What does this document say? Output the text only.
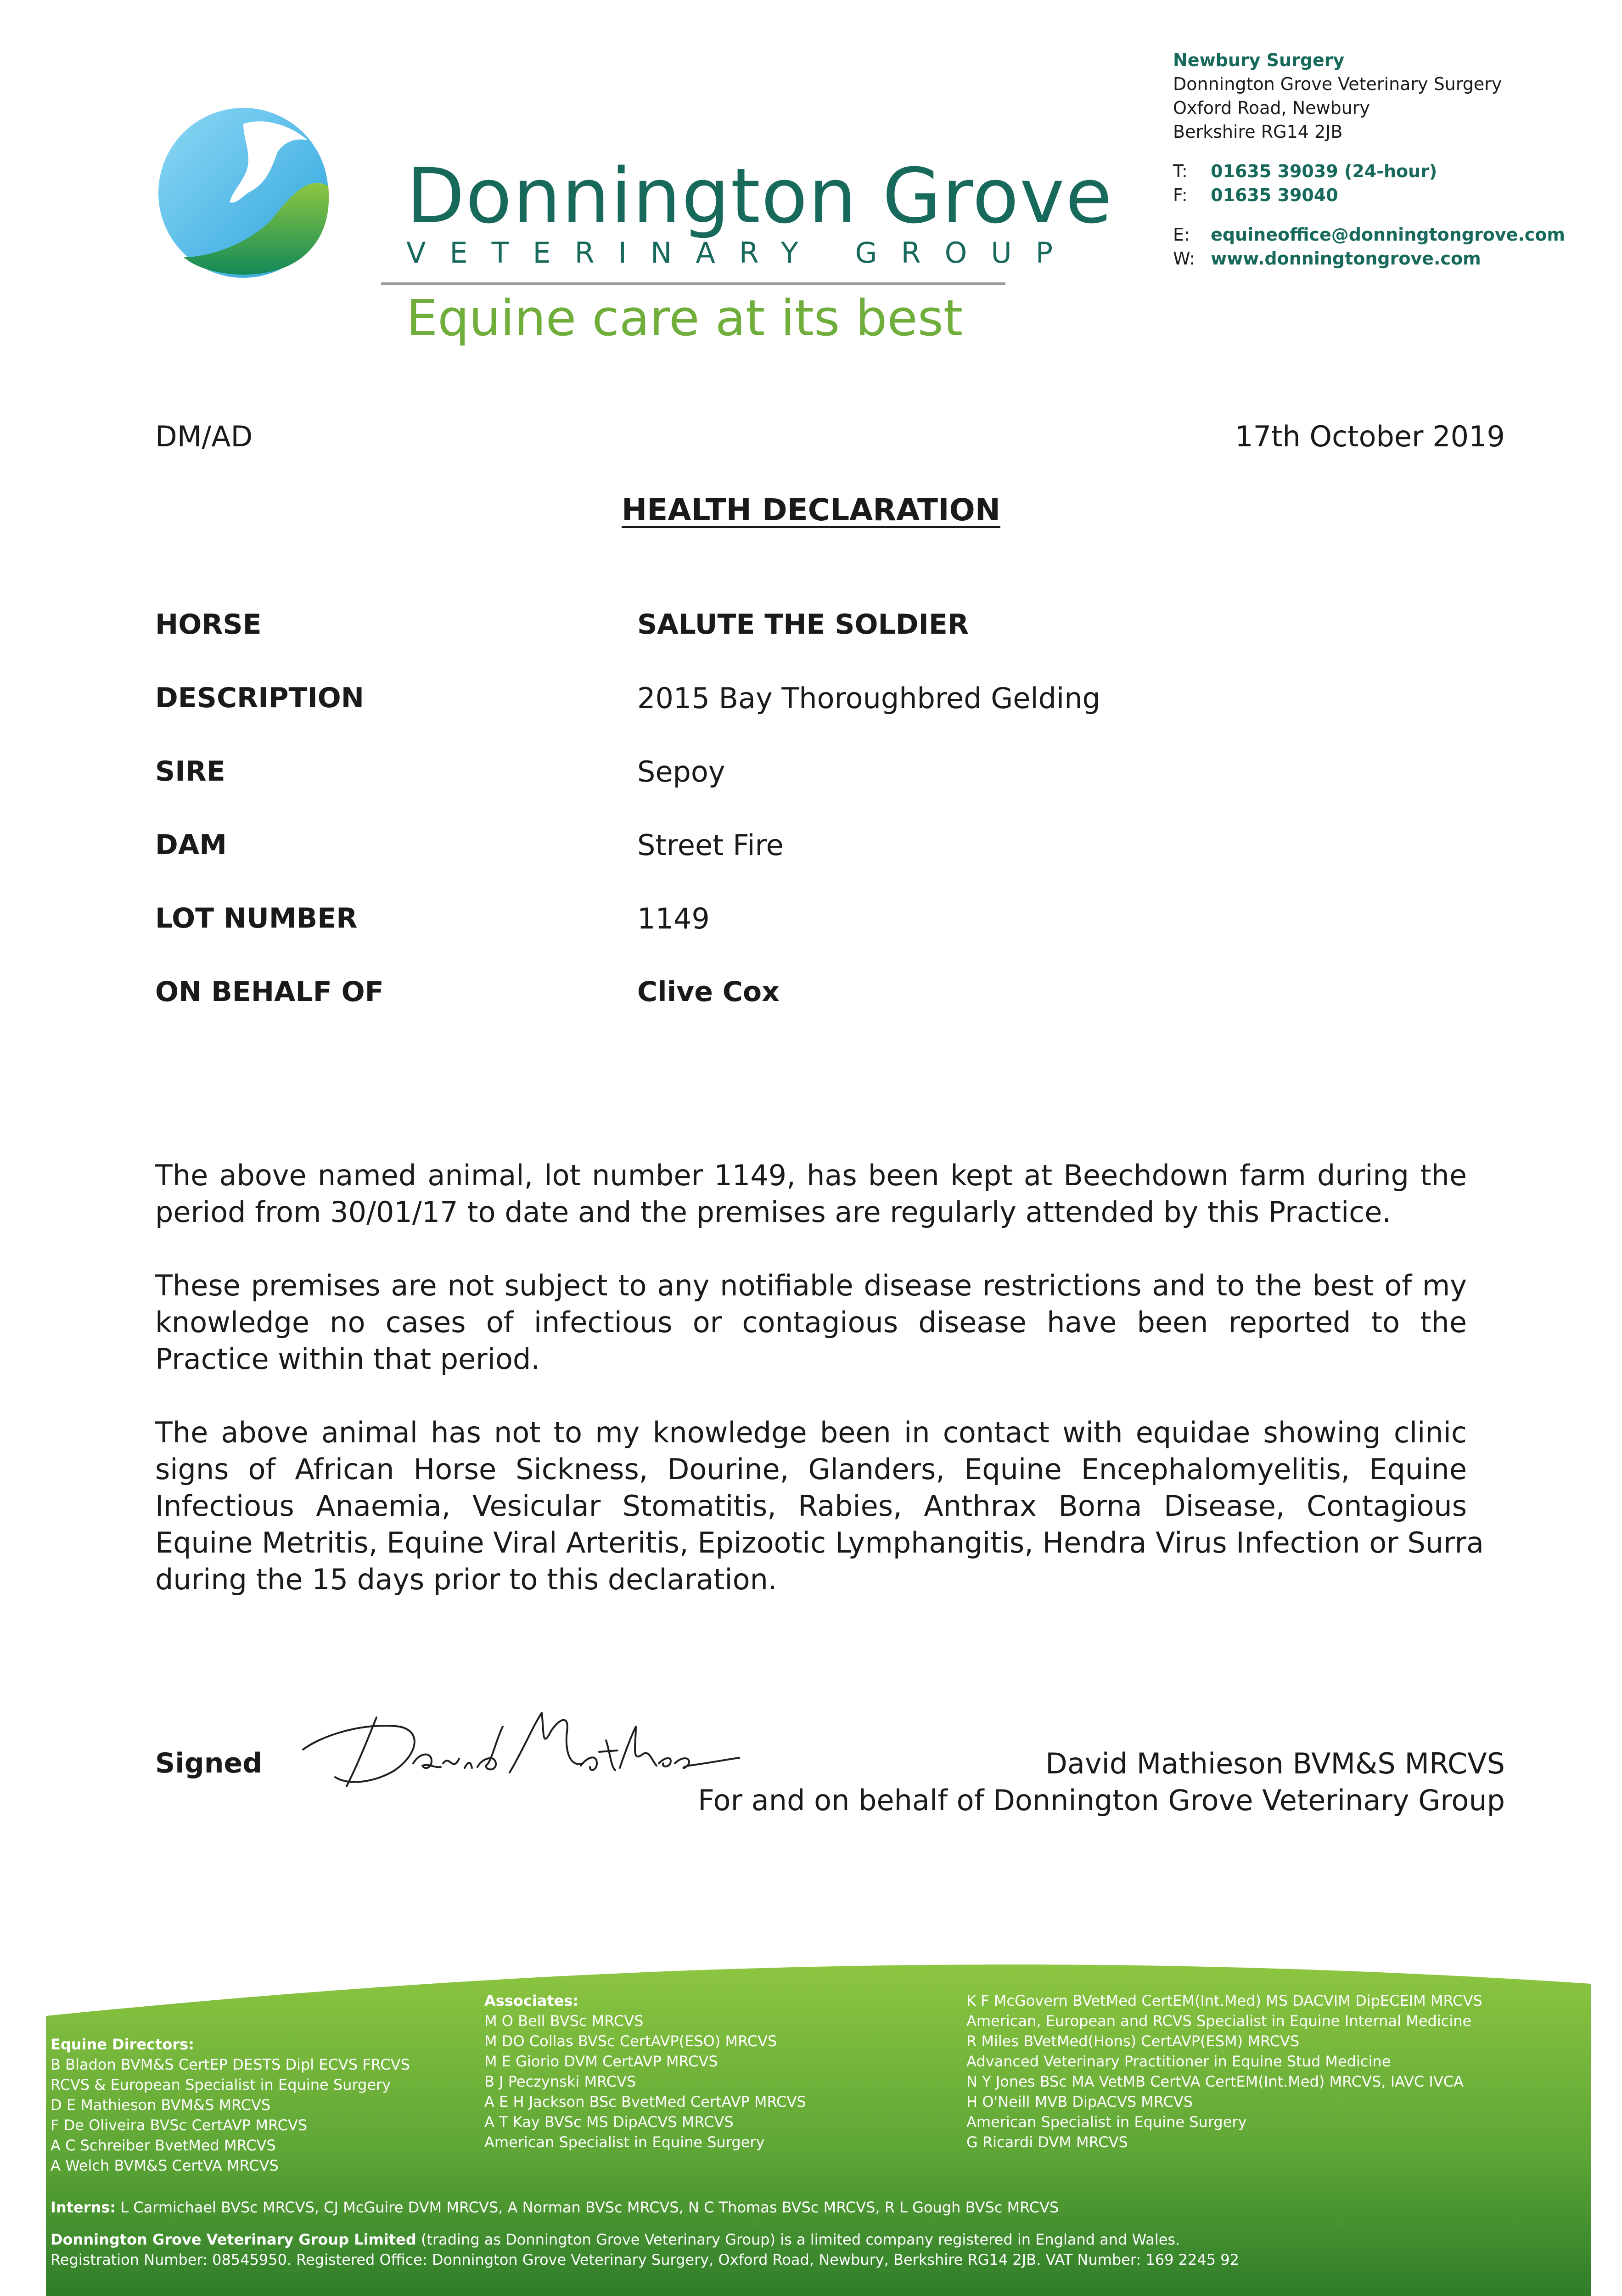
Donnington Grove
VETERINARY GROUP
Equine care at its best
Newbury Surgery
Donnington Grove Veterinary Surgery
Oxford Road, Newbury
Berkshire RG14 2JB
T: 01635 39039 (24-hour)
F: 01635 39040
E: equineoffice@donningtongrove.com
W: www.donningtongrove.com
DM/AD	17th October 2019
HEALTH DECLARATION
HORSE	SALUTE THE SOLDIER
DESCRIPTION	2015 Bay Thoroughbred Gelding
SIRE	Sepoy
DAM	Street Fire
LOT NUMBER	1149
ON BEHALF OF	Clive Cox
The above named animal, lot number 1149, has been kept at Beechdown farm during the
period from 30/01/17 to date and the premises are regularly attended by this Practice.
These premises are not subject to any notifiable disease restrictions and to the best of my
knowledge no cases of infectious or contagious disease have been reported to the
Practice within that period.
The above animal has not to my knowledge been in contact with equidae showing clinic
signs of African Horse Sickness, Dourine, Glanders, Equine Encephalomyelitis, Equine
Infectious Anaemia, Vesicular Stomatitis, Rabies, Anthrax Borna Disease, Contagious
Equine Metritis, Equine Viral Arteritis, Epizootic Lymphangitis, Hendra Virus Infection or Surra
during the 15 days prior to this declaration.
Signed	David Mathieson BVM&S MRCVS
For and on behalf of Donnington Grove Veterinary Group
Equine Directors:
B Bladon BVM&S CertEP DESTS Dipl ECVS FRCVS
RCVS & European Specialist in Equine Surgery
D E Mathieson BVM&S MRCVS
F De Oliveira BVSc CertAVP MRCVS
A C Schreiber BvetMed MRCVS
A Welch BVM&S CertVA MRCVS
Associates:
M O Bell BVSc MRCVS
M DO Collas BVSc CertAVP(ESO) MRCVS
M E Giorio DVM CertAVP MRCVS
B J Peczynski MRCVS
A E H Jackson BSc BvetMed CertAVP MRCVS
A T Kay BVSc MS DipACVS MRCVS
American Specialist in Equine Surgery
K F McGovern BVetMed CertEM(Int.Med) MS DACVIM DipECEIM MRCVS
American, European and RCVS Specialist in Equine Internal Medicine
R Miles BVetMed(Hons) CertAVP(ESM) MRCVS
Advanced Veterinary Practitioner in Equine Stud Medicine
N Y Jones BSc MA VetMB CertVA CertEM(Int.Med) MRCVS, IAVC IVCA
H O'Neill MVB DipACVS MRCVS
American Specialist in Equine Surgery
G Ricardi DVM MRCVS
Interns: L Carmichael BVSc MRCVS, CJ McGuire DVM MRCVS, A Norman BVSc MRCVS, N C Thomas BVSc MRCVS, R L Gough BVSc MRCVS
Donnington Grove Veterinary Group Limited (trading as Donnington Grove Veterinary Group) is a limited company registered in England and Wales.
Registration Number: 08545950. Registered Office: Donnington Grove Veterinary Surgery, Oxford Road, Newbury, Berkshire RG14 2JB. VAT Number: 169 2245 92
